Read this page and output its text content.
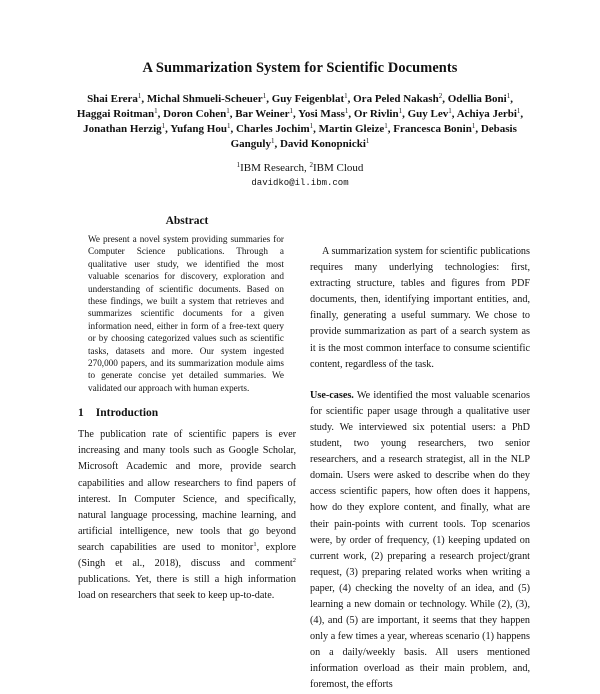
A Summarization System for Scientific Documents
Shai Erera$^1$, Michal Shmueli-Scheuer$^1$, Guy Feigenblat$^1$, Ora Peled Nakash$^2$, Odellia Boni$^1$, Haggai Roitman$^1$, Doron Cohen$^1$, Bar Weiner$^1$, Yosi Mass$^1$, Or Rivlin$^1$, Guy Lev$^1$, Achiya Jerbi$^1$, Jonathan Herzig$^1$, Yufang Hou$^1$, Charles Jochim$^1$, Martin Gleize$^1$, Francesca Bonin$^1$, Debasis Ganguly$^1$, David Konopnicki$^1$
$^1$IBM Research, $^2$IBM Cloud
davidko@il.ibm.com
Abstract

We present a novel system providing summaries for Computer Science publications. Through a qualitative user study, we identified the most valuable scenarios for discovery, exploration and understanding of scientific documents. Based on these findings, we built a system that retrieves and summarizes scientific documents for a given information need, either in form of a free-text query or by choosing categorized values such as scientific tasks, datasets and more. Our system ingested 270,000 papers, and its summarization module aims to generate concise yet detailed summaries. We validated our approach with human experts.

1 Introduction

The publication rate of scientific papers is ever increasing and many tools such as Google Scholar, Microsoft Academic and more, provide search capabilities and allow researchers to find papers of interest. In Computer Science, and specifically, natural language processing, machine learning, and artificial intelligence, new tools that go beyond search capabilities are used to monitor$^1$, explore (Singh et al., 2018), discuss and comment$^2$ publications. Yet, there is still a high information load on researchers that seek to keep up-to-date.

A summarization system for scientific publications requires many underlying technologies: first, extracting structure, tables and figures from PDF documents, then, identifying important entities, and, finally, generating a useful summary. We chose to provide summarization as part of a search system as it is the most common interface to consume scientific content, regardless of the task.

Use-cases. We identified the most valuable scenarios for scientific paper usage through a qualitative user study. We interviewed six potential users: a PhD student, two young researchers, two senior researchers, and a research strategist, all in the NLP domain. Users were asked to describe when do they access scientific papers, how often does it happens, how do they explore content, and finally, what are their pain-points with current tools. Top scenarios were, by order of frequency, (1) keeping updated on current work, (2) preparing a research project/grant request, (3) preparing related works when writing a paper, (4) checking the novelty of an idea, and (5) learning a new domain or technology. While (2), (3), (4), and (5) are important, it seems that they happen only a few times a year, whereas scenario (1) happens on a daily/weekly basis. All users mentioned information overload as their main problem, and, foremost, the efforts
